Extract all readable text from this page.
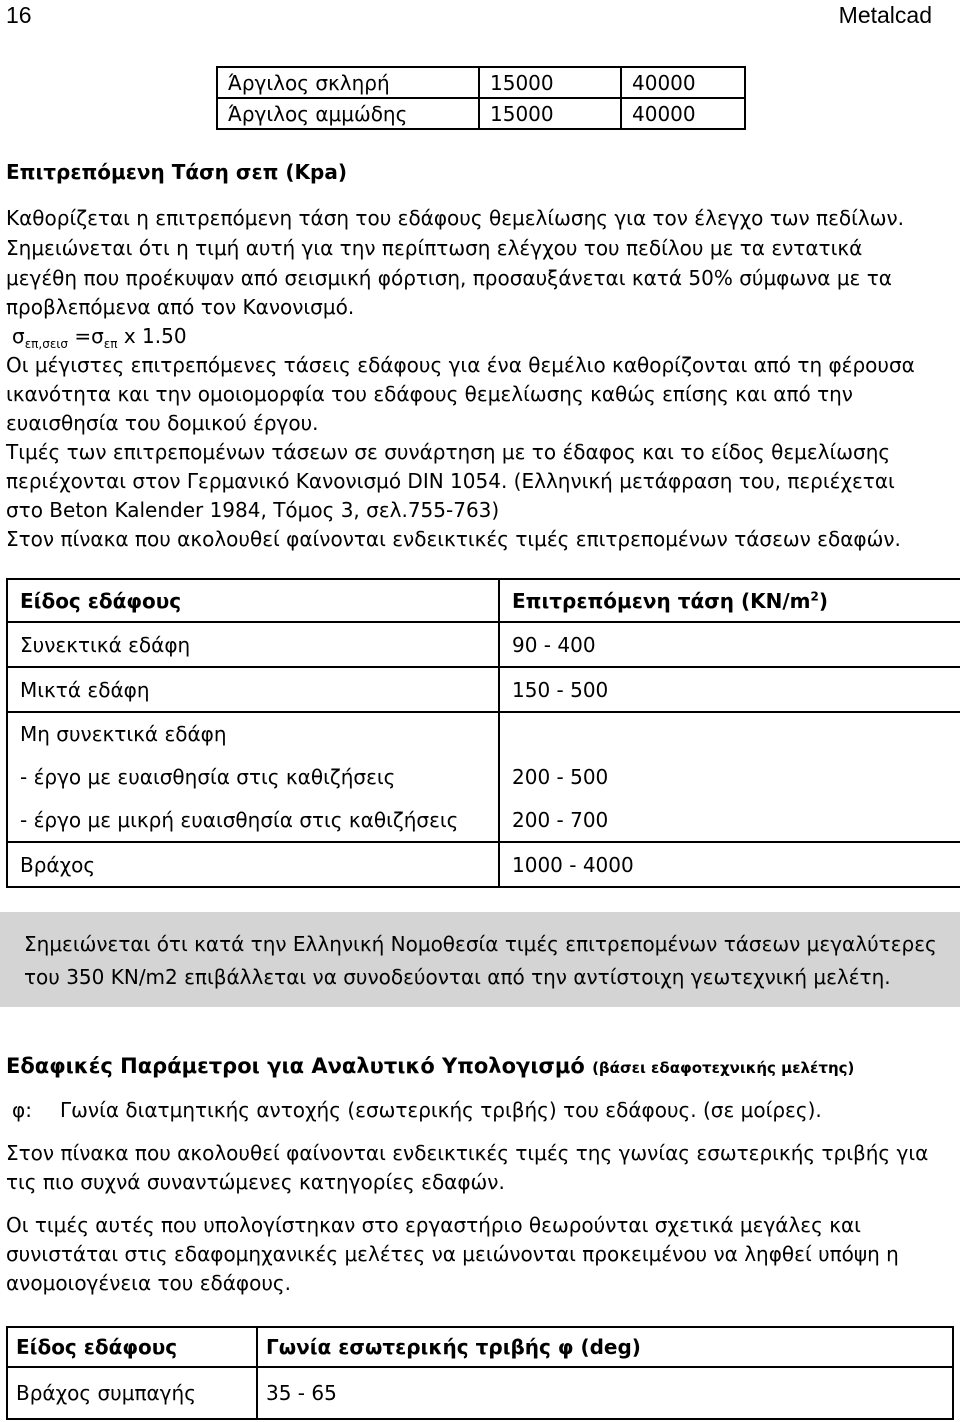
16	Metalcad
Άργιλος σκληρή	15000	40000
Άργιλος αμμώδης	15000	40000
Επιτρεπόμενη Τάση σεπ (Kpa)
Καθορίζεται η επιτρεπόμενη τάση του εδάφους θεμελίωσης για τον έλεγχο των πεδίλων.
Σημειώνεται ότι η τιμή αυτή για την περίπτωση ελέγχου του πεδίλου με τα εντατικά
μεγέθη που προέκυψαν από σεισμική φόρτιση, προσαυξάνεται κατά 50% σύμφωνα με τα
προβλεπόμενα από τον Κανονισμό.
$\sigma_{\varepsilon\pi,\sigma\varepsilon\iota\sigma} =\sigma_{\varepsilon\pi}$ x 1.50
Οι μέγιστες επιτρεπόμενες τάσεις εδάφους για ένα θεμέλιο καθορίζονται από τη φέρουσα
ικανότητα και την ομοιομορφία του εδάφους θεμελίωσης καθώς επίσης και από την
ευαισθησία του δομικού έργου.
Τιμές των επιτρεπομένων τάσεων σε συνάρτηση με το έδαφος και το είδος θεμελίωσης
περιέχονται στον Γερμανικό Κανονισμό DIN 1054. (Ελληνική μετάφραση του, περιέχεται
στο Beton Kalender 1984, Τόμος 3, σελ.755-763)
Στον πίνακα που ακολουθεί φαίνονται ενδεικτικές τιμές επιτρεπομένων τάσεων εδαφών.
Είδος εδάφους	Επιτρεπόμενη τάση $(KN/m^2)$
Συνεκτικά εδάφη	90 - 400
Μικτά εδάφη	150 - 500
Μη συνεκτικά εδάφη	
- έργο με ευαισθησία στις καθιζήσεις	200 - 500
- έργο με μικρή ευαισθησία στις καθιζήσεις	200 - 700
Βράχος	1000 - 4000
Σημειώνεται ότι κατά την Ελληνική Νομοθεσία τιμές επιτρεπομένων τάσεων μεγαλύτερες
του 350 KN/m2 επιβάλλεται να συνοδεύονται από την αντίστοιχη γεωτεχνική μελέτη.
Εδαφικές Παράμετροι για Αναλυτικό Υπολογισμό (βάσει εδαφοτεχνικής μελέτης)
φ: Γωνία διατμητικής αντοχής (εσωτερικής τριβής) του εδάφους. (σε μοίρες).
Στον πίνακα που ακολουθεί φαίνονται ενδεικτικές τιμές της γωνίας εσωτερικής τριβής για
τις πιο συχνά συναντώμενες κατηγορίες εδαφών.
Οι τιμές αυτές που υπολογίστηκαν στο εργαστήριο θεωρούνται σχετικά μεγάλες και
συνιστάται στις εδαφομηχανικές μελέτες να μειώνονται προκειμένου να ληφθεί υπόψη η
ανομοιογένεια του εδάφους.
Είδος εδάφους	Γωνία εσωτερικής τριβής φ (deg)
Βράχος συμπαγής	35 - 65
